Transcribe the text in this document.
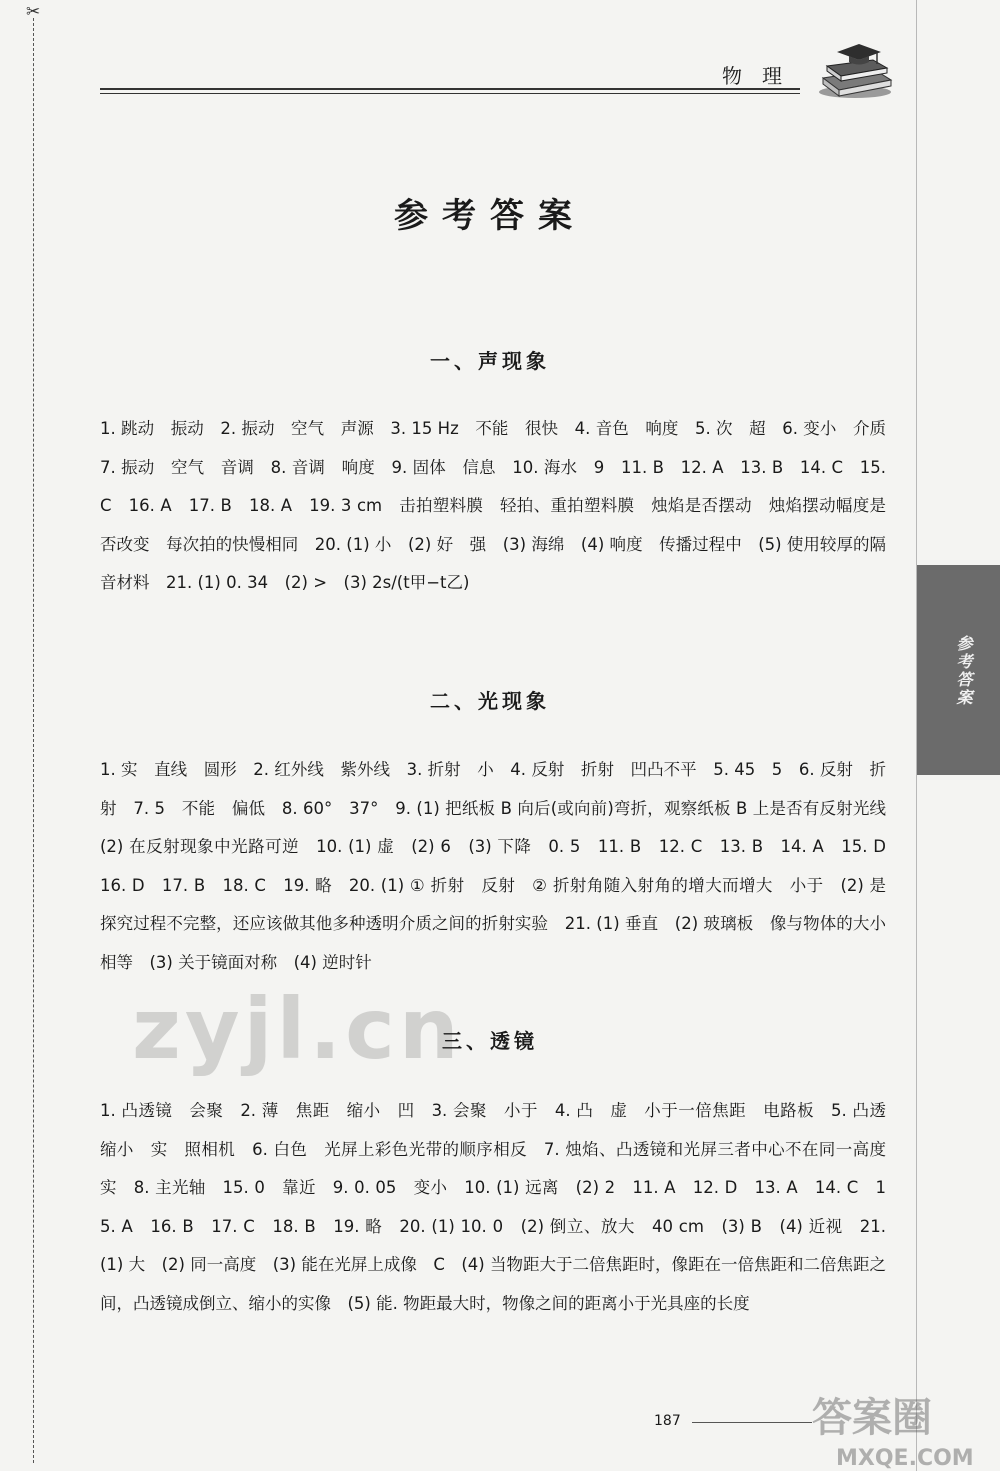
✂
物理
参考答案
一、声现象
1. 跳动　振动　2. 振动　空气　声源　3. 15 Hz　不能　很快　4. 音色　响度　5. 次　超　6. 变小　介质　7. 振动　空气　音调　8. 音调　响度　9. 固体　信息　10. 海水　9　11. B　12. A　13. B　14. C　15. C　16. A　17. B　18. A　19. 3 cm　击拍塑料膜　轻拍、重拍塑料膜　烛焰是否摆动　烛焰摆动幅度是否改变　每次拍的快慢相同　20. (1) 小　(2) 好　强　(3) 海绵　(4) 响度　传播过程中　(5) 使用较厚的隔音材料　21. (1) 0. 34　(2) >　(3) 2s/(t甲−t乙)
二、光现象
1. 实　直线　圆形　2. 红外线　紫外线　3. 折射　小　4. 反射　折射　凹凸不平　5. 45　5　6. 反射　折射　7. 5　不能　偏低　8. 60°　37°　9. (1) 把纸板 B 向后(或向前)弯折，观察纸板 B 上是否有反射光线　(2) 在反射现象中光路可逆　10. (1) 虚　(2) 6　(3) 下降　0. 5　11. B　12. C　13. B　14. A　15. D　16. D　17. B　18. C　19. 略　20. (1) ① 折射　反射　② 折射角随入射角的增大而增大　小于　(2) 是　探究过程不完整，还应该做其他多种透明介质之间的折射实验　21. (1) 垂直　(2) 玻璃板　像与物体的大小相等　(3) 关于镜面对称　(4) 逆时针
zyjl.cn
三、透镜
1. 凸透镜　会聚　2. 薄　焦距　缩小　凹　3. 会聚　小于　4. 凸　虚　小于一倍焦距　电路板　5. 凸透　缩小　实　照相机　6. 白色　光屏上彩色光带的顺序相反　7. 烛焰、凸透镜和光屏三者中心不在同一高度　实　8. 主光轴　15. 0　靠近　9. 0. 05　变小　10. (1) 远离　(2) 2　11. A　12. D　13. A　14. C　15. A　16. B　17. C　18. B　19. 略　20. (1) 10. 0　(2) 倒立、放大　40 cm　(3) B　(4) 近视　21. (1) 大　(2) 同一高度　(3) 能在光屏上成像　C　(4) 当物距大于二倍焦距时，像距在一倍焦距和二倍焦距之间，凸透镜成倒立、缩小的实像　(5) 能. 物距最大时，物像之间的距离小于光具座的长度
参考答案
187	答案圈
MXQE.COM
